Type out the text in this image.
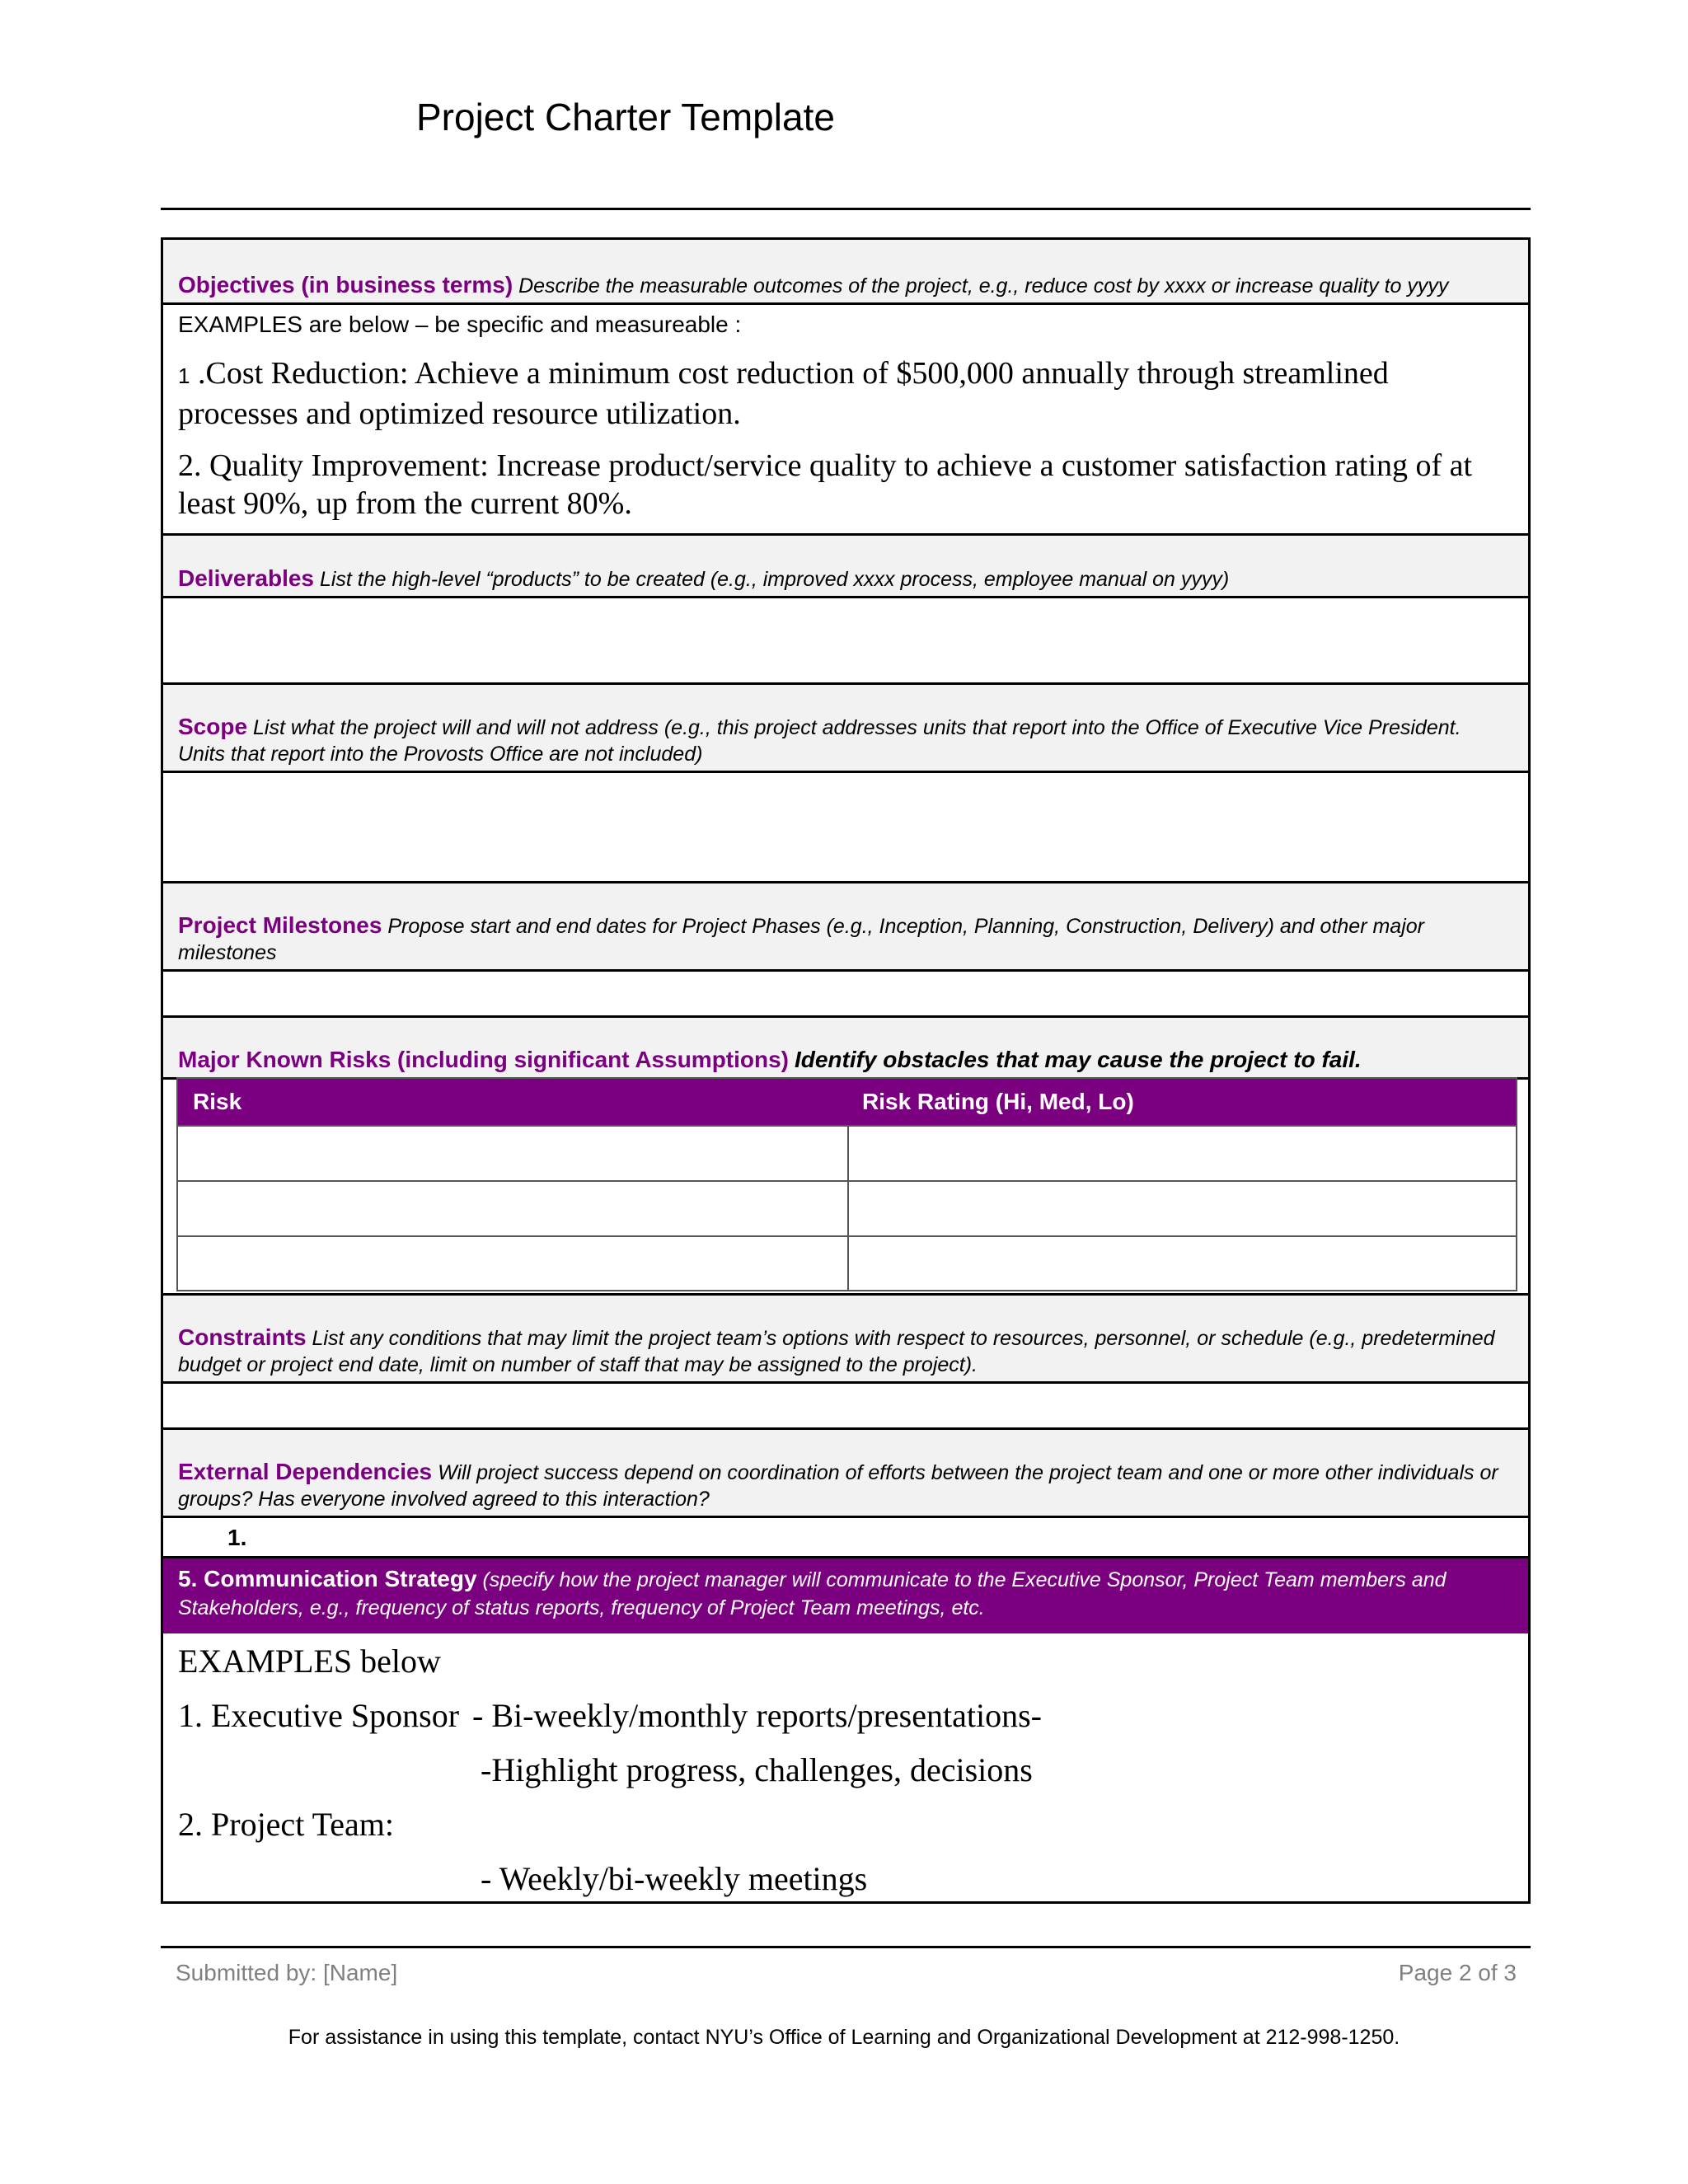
Project Charter Template
Objectives (in business terms) Describe the measurable outcomes of the project, e.g., reduce cost by xxxx or increase quality to yyyy
EXAMPLES are below – be specific and measureable :
1 .Cost Reduction: Achieve a minimum cost reduction of $500,000 annually through streamlined processes and optimized resource utilization.
2. Quality Improvement: Increase product/service quality to achieve a customer satisfaction rating of at least 90%, up from the current 80%.
Deliverables List the high-level “products” to be created (e.g., improved xxxx process, employee manual on yyyy)
Scope List what the project will and will not address (e.g., this project addresses units that report into the Office of Executive Vice President. Units that report into the Provosts Office are not included)
Project Milestones Propose start and end dates for Project Phases (e.g., Inception, Planning, Construction, Delivery) and other major milestones
Major Known Risks (including significant Assumptions) Identify obstacles that may cause the project to fail.
Risk	Risk Rating (Hi, Med, Lo)
Constraints List any conditions that may limit the project team’s options with respect to resources, personnel, or schedule (e.g., predetermined budget or project end date, limit on number of staff that may be assigned to the project).
External Dependencies Will project success depend on coordination of efforts between the project team and one or more other individuals or groups? Has everyone involved agreed to this interaction?
1.
5. Communication Strategy (specify how the project manager will communicate to the Executive Sponsor, Project Team members and Stakeholders, e.g., frequency of status reports, frequency of Project Team meetings, etc.
EXAMPLES below
1. Executive Sponsor - Bi-weekly/monthly reports/presentations-
-Highlight progress, challenges, decisions
2. Project Team:
- Weekly/bi-weekly meetings
Submitted by: [Name]	Page 2 of 3
For assistance in using this template, contact NYU’s Office of Learning and Organizational Development at 212-998-1250.
